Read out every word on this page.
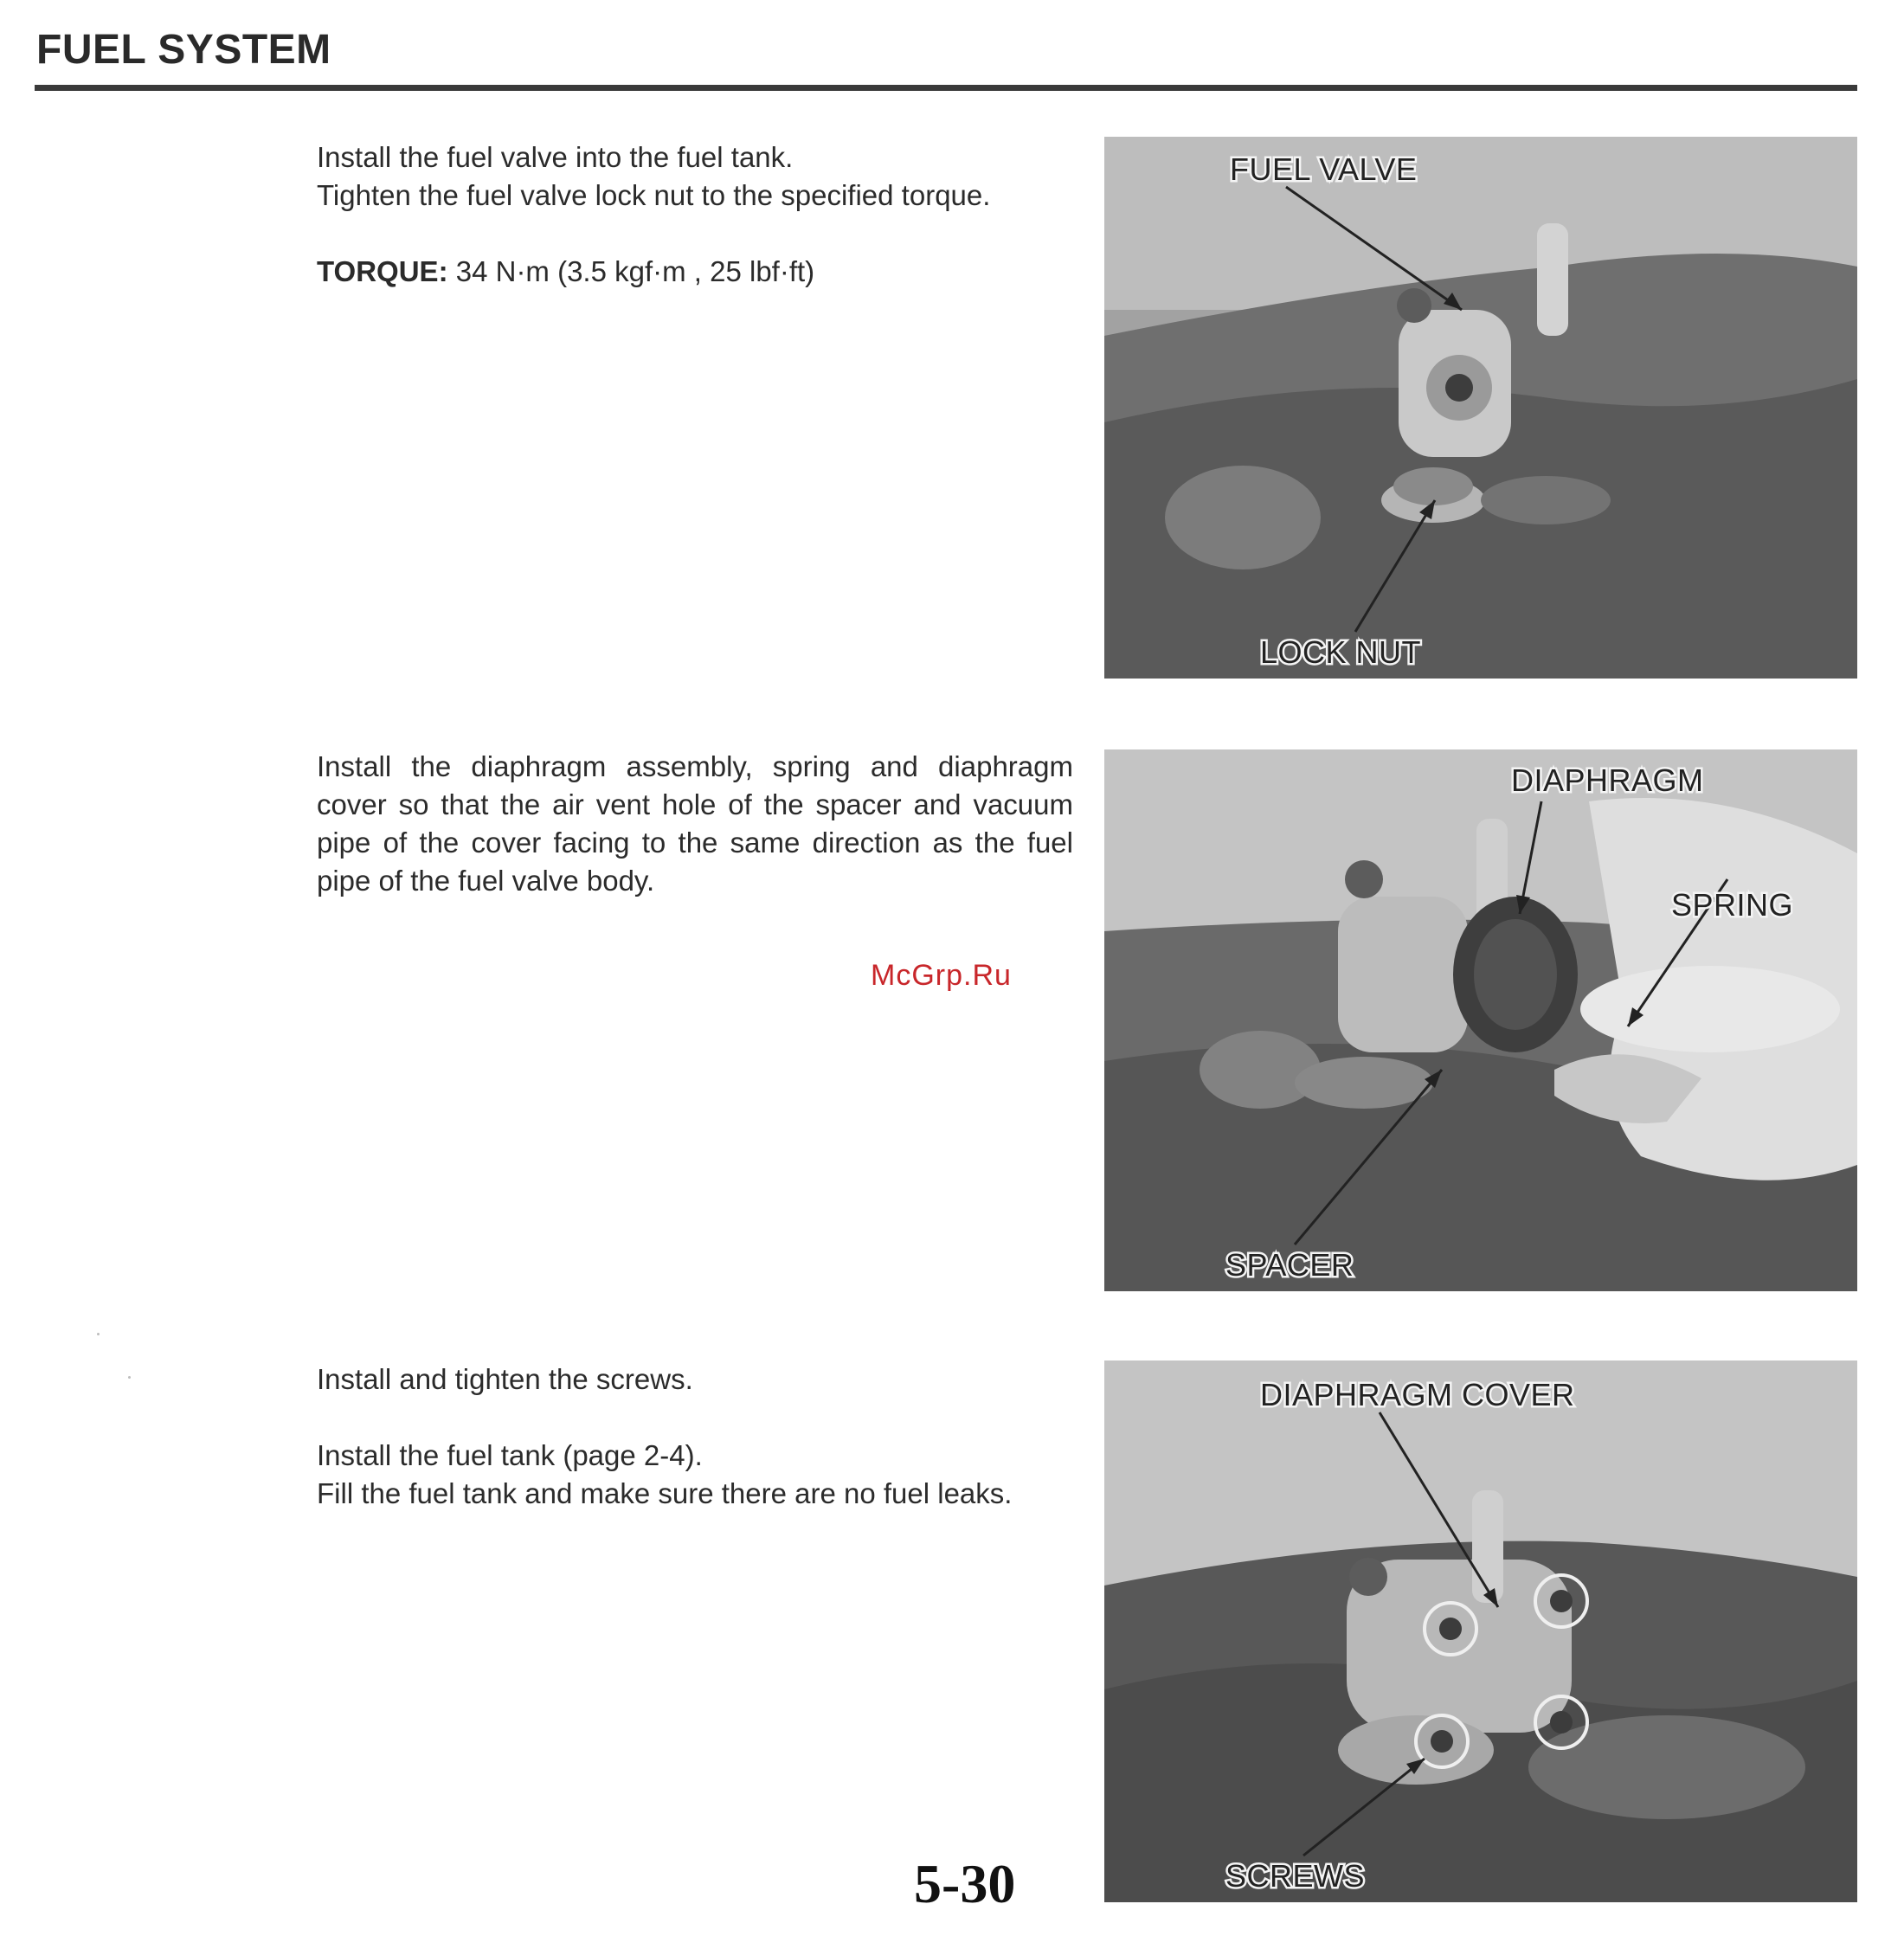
FUEL SYSTEM

Install the fuel valve into the fuel tank.

Tighten the fuel valve lock nut to the specified torque.

TORQUE: 34 N·m (3.5 kgf·m , 25 lbf·ft)

FUEL VALVE
LOCK NUT

Install the diaphragm assembly, spring and diaphragm cover so that the air vent hole of the spacer and vacuum pipe of the cover facing to the same direction as the fuel pipe of the fuel valve body.

McGrp.Ru
DIAPHRAGM
SPRING
SPACER

Install and tighten the screws.

Install the fuel tank (page 2-4).

Fill the fuel tank and make sure there are no fuel leaks.

DIAPHRAGM COVER
SCREWS
5-30
